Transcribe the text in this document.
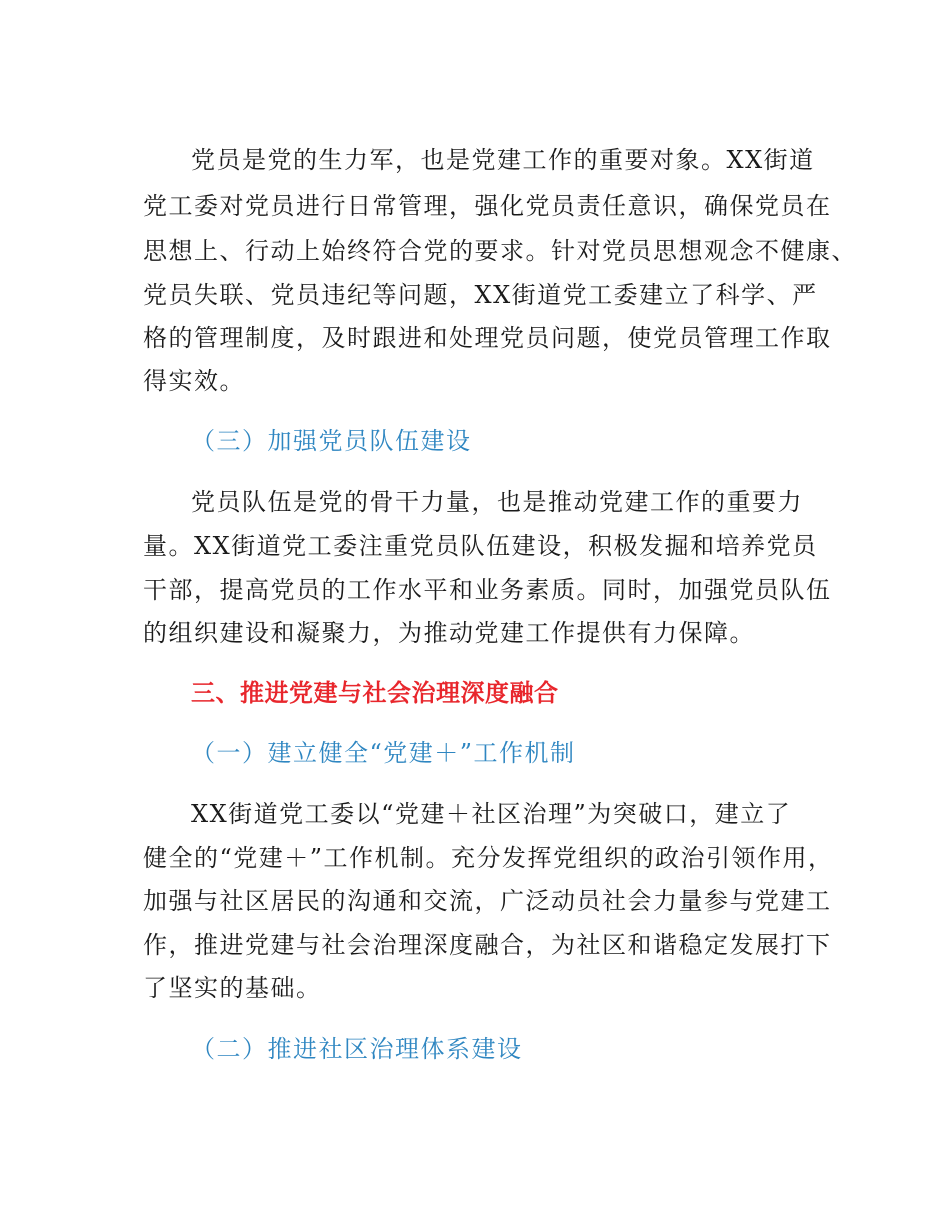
党员是党的生力军，也是党建工作的重要对象。XX街道
党工委对党员进行日常管理，强化党员责任意识，确保党员在
思想上、行动上始终符合党的要求。针对党员思想观念不健康、
党员失联、党员违纪等问题，XX街道党工委建立了科学、严
格的管理制度，及时跟进和处理党员问题，使党员管理工作取
得实效。
（三）加强党员队伍建设
党员队伍是党的骨干力量，也是推动党建工作的重要力
量。XX街道党工委注重党员队伍建设，积极发掘和培养党员
干部，提高党员的工作水平和业务素质。同时，加强党员队伍
的组织建设和凝聚力，为推动党建工作提供有力保障。
三、推进党建与社会治理深度融合
（一）建立健全“党建＋”工作机制
XX街道党工委以“党建＋社区治理”为突破口，建立了
健全的“党建＋”工作机制。充分发挥党组织的政治引领作用，
加强与社区居民的沟通和交流，广泛动员社会力量参与党建工
作，推进党建与社会治理深度融合，为社区和谐稳定发展打下
了坚实的基础。
（二）推进社区治理体系建设
